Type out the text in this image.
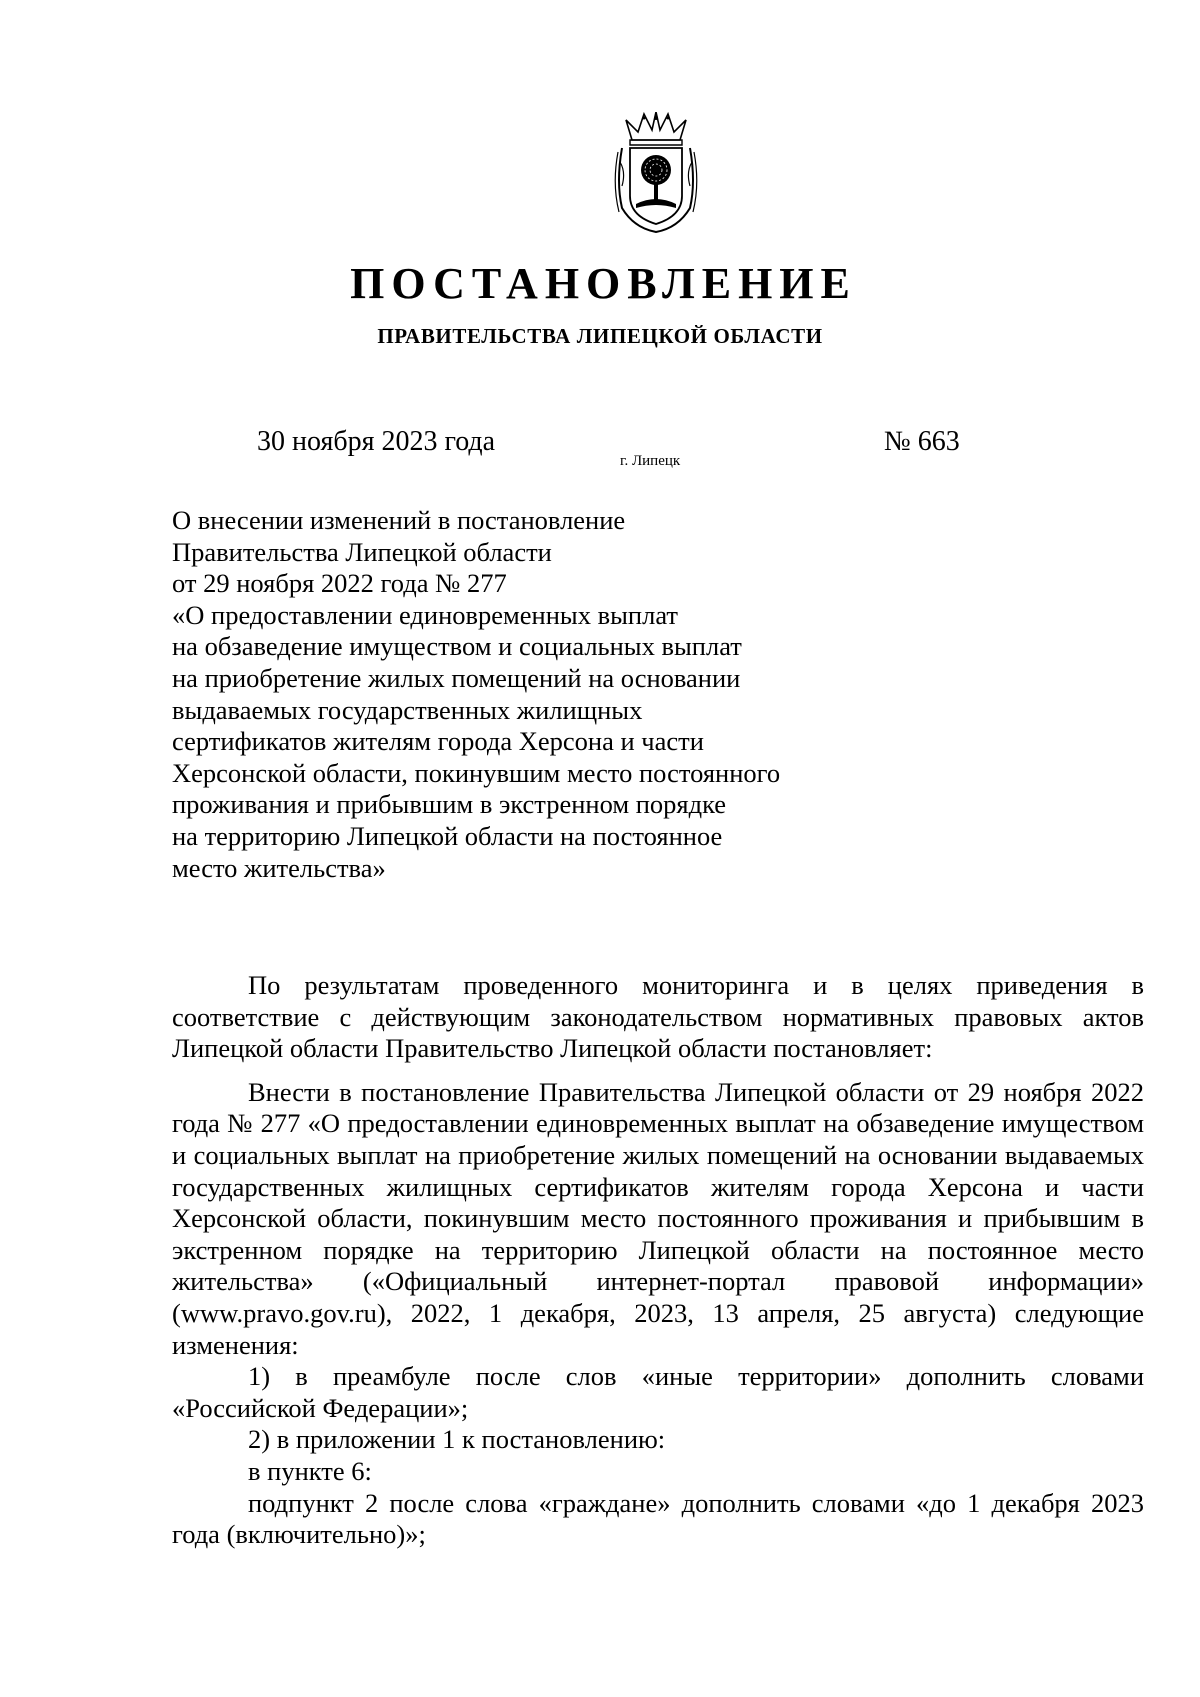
ПОСТАНОВЛЕНИЕ
ПРАВИТЕЛЬСТВА ЛИПЕЦКОЙ ОБЛАСТИ
30 ноября 2023 года
г. Липецк
№ 663
О внесении изменений в постановление
Правительства Липецкой области
от 29 ноября 2022 года № 277
«О предоставлении единовременных выплат
на обзаведение имуществом и социальных выплат
на приобретение жилых помещений на основании
выдаваемых государственных жилищных
сертификатов жителям города Херсона и части
Херсонской области, покинувшим место постоянного
проживания и прибывшим в экстренном порядке
на территорию Липецкой области на постоянное
место жительства»

По результатам проведенного мониторинга и в целях приведения в соответствие с действующим законодательством нормативных правовых актов Липецкой области Правительство Липецкой области постановляет:

Внести в постановление Правительства Липецкой области от 29 ноября 2022 года № 277 «О предоставлении единовременных выплат на обзаведение имуществом и социальных выплат на приобретение жилых помещений на основании выдаваемых государственных жилищных сертификатов жителям города Херсона и части Херсонской области, покинувшим место постоянного проживания и прибывшим в экстренном порядке на территорию Липецкой области на постоянное место жительства» («Официальный интернет-портал правовой информации» (www.pravo.gov.ru), 2022, 1 декабря, 2023, 13 апреля, 25 августа) следующие изменения:

1) в преамбуле после слов «иные территории» дополнить словами «Российской Федерации»;

2) в приложении 1 к постановлению:

в пункте 6:

подпункт 2 после слова «граждане» дополнить словами «до 1 декабря 2023 года (включительно)»;
